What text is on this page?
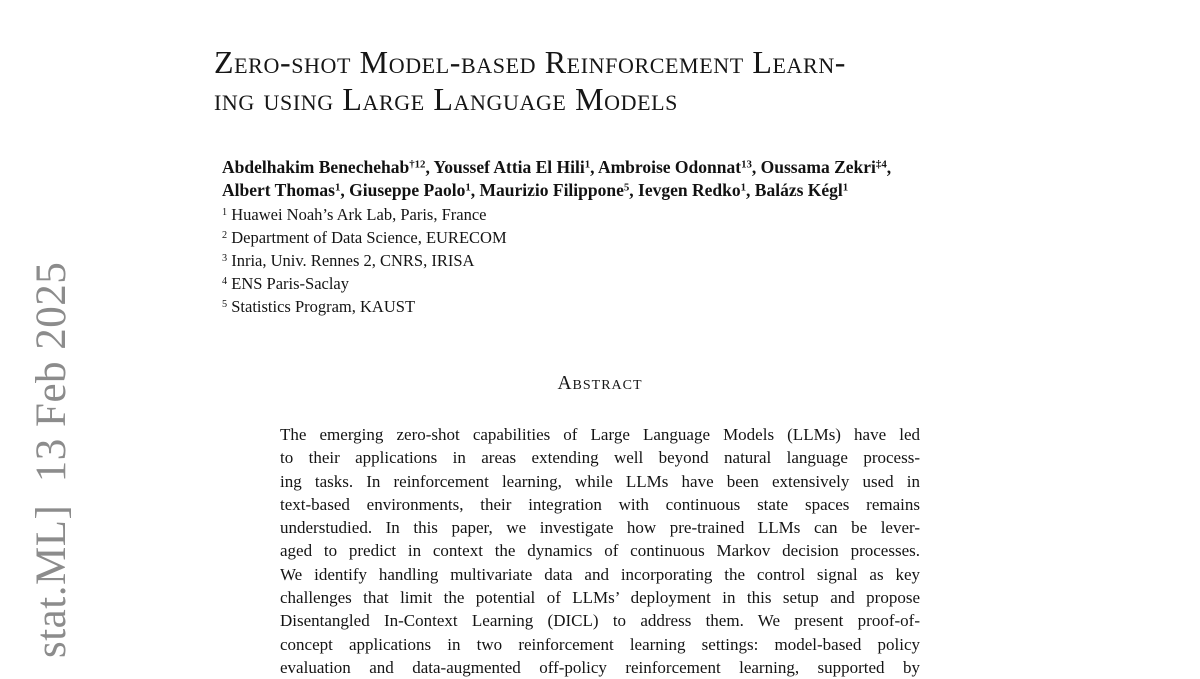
stat.ML]  13 Feb 2025
Zero-shot Model-based Reinforcement Learn-
ing using Large Language Models
Abdelhakim Benechehab$^{\dagger 12}$, Youssef Attia El Hili$^1$, Ambroise Odonnat$^{13}$, Oussama Zekri$^{\ddagger 4}$,
Albert Thomas$^1$, Giuseppe Paolo$^1$, Maurizio Filippone$^5$, Ievgen Redko$^1$, Balázs Kégl$^1$
$^1$ Huawei Noah’s Ark Lab, Paris, France
$^2$ Department of Data Science, EURECOM
$^3$ Inria, Univ. Rennes 2, CNRS, IRISA
$^4$ ENS Paris-Saclay
$^5$ Statistics Program, KAUST
Abstract
The emerging zero-shot capabilities of Large Language Models (LLMs) have led
to their applications in areas extending well beyond natural language process-
ing tasks. In reinforcement learning, while LLMs have been extensively used in
text-based environments, their integration with continuous state spaces remains
understudied. In this paper, we investigate how pre-trained LLMs can be lever-
aged to predict in context the dynamics of continuous Markov decision processes.
We identify handling multivariate data and incorporating the control signal as key
challenges that limit the potential of LLMs’ deployment in this setup and propose
Disentangled In-Context Learning (DICL) to address them. We present proof-of-
concept applications in two reinforcement learning settings: model-based policy
evaluation and data-augmented off-policy reinforcement learning, supported by
